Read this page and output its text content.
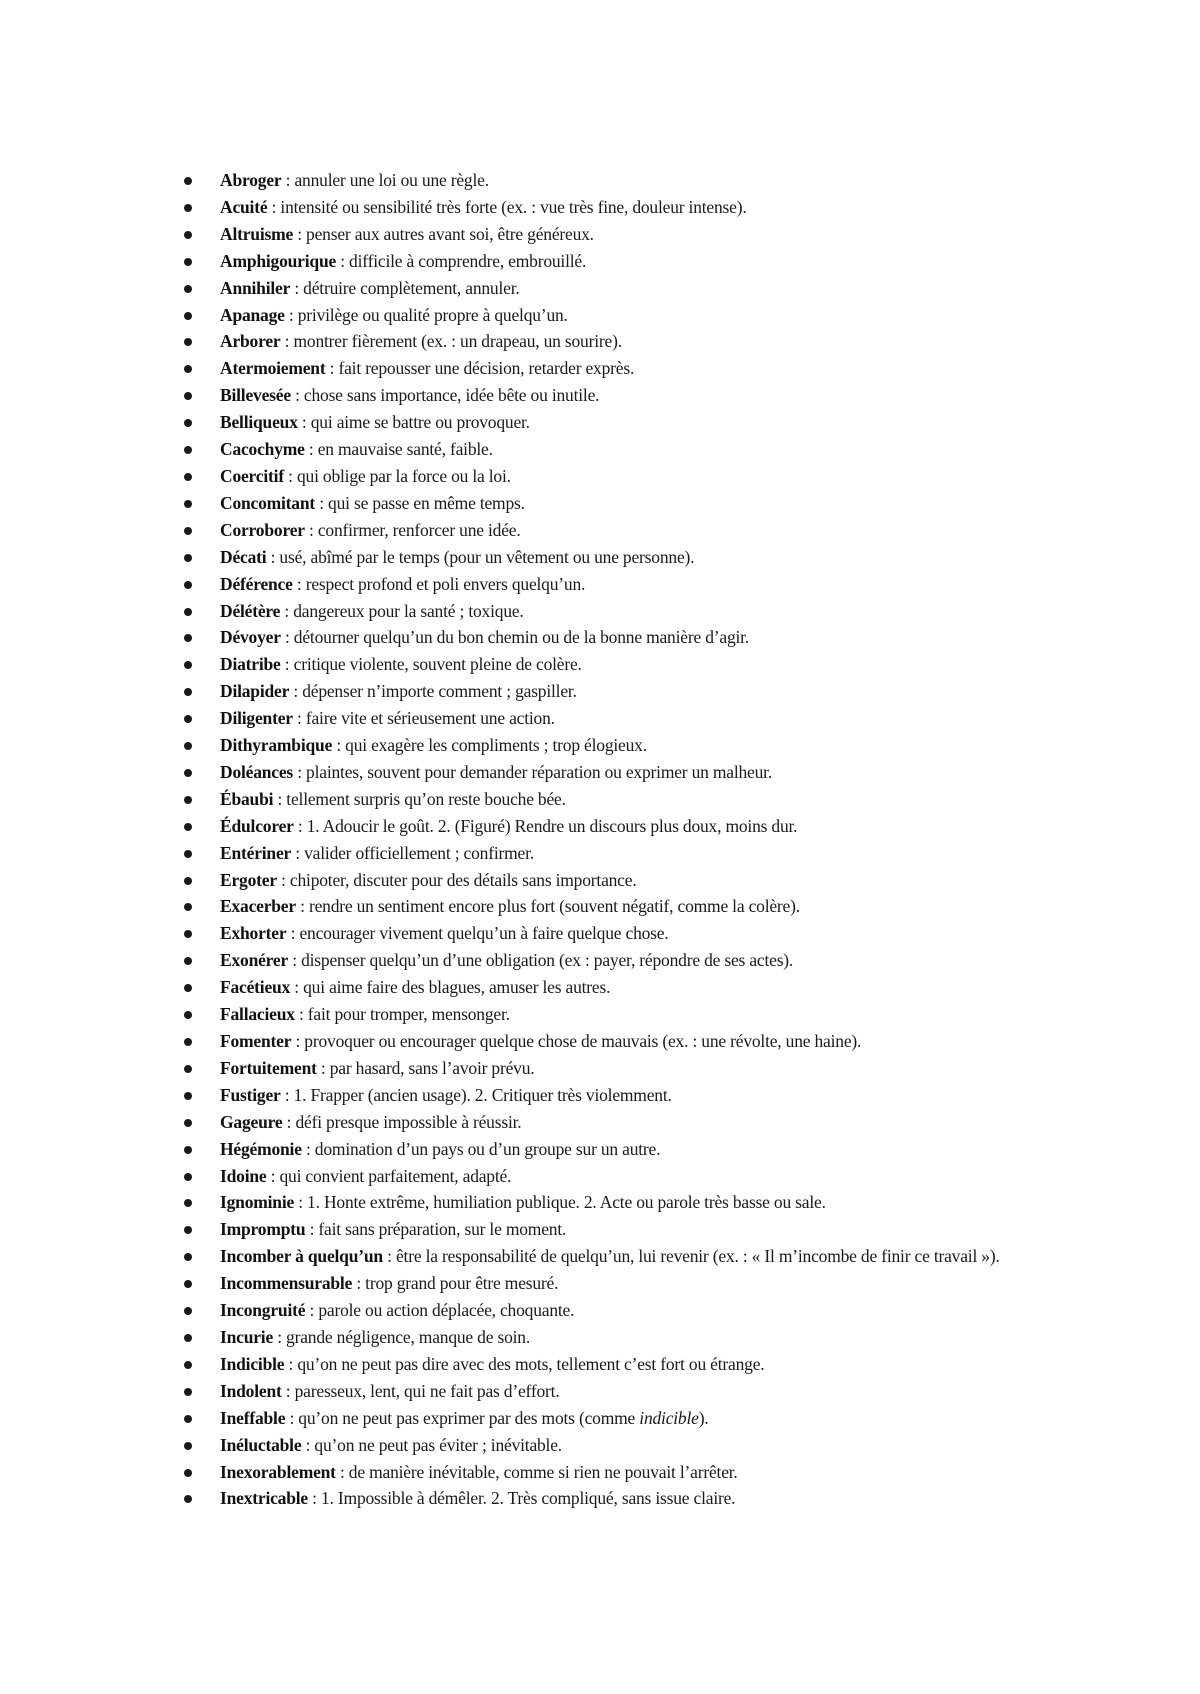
Abroger : annuler une loi ou une règle.
Acuité : intensité ou sensibilité très forte (ex. : vue très fine, douleur intense).
Altruisme : penser aux autres avant soi, être généreux.
Amphigourique : difficile à comprendre, embrouillé.
Annihiler : détruire complètement, annuler.
Apanage : privilège ou qualité propre à quelqu’un.
Arborer : montrer fièrement (ex. : un drapeau, un sourire).
Atermoiement : fait repousser une décision, retarder exprès.
Billevesée : chose sans importance, idée bête ou inutile.
Belliqueux : qui aime se battre ou provoquer.
Cacochyme : en mauvaise santé, faible.
Coercitif : qui oblige par la force ou la loi.
Concomitant : qui se passe en même temps.
Corroborer : confirmer, renforcer une idée.
Décati : usé, abîmé par le temps (pour un vêtement ou une personne).
Déférence : respect profond et poli envers quelqu’un.
Délétère : dangereux pour la santé ; toxique.
Dévoyer : détourner quelqu’un du bon chemin ou de la bonne manière d’agir.
Diatribe : critique violente, souvent pleine de colère.
Dilapider : dépenser n’importe comment ; gaspiller.
Diligenter : faire vite et sérieusement une action.
Dithyrambique : qui exagère les compliments ; trop élogieux.
Doléances : plaintes, souvent pour demander réparation ou exprimer un malheur.
Ébaubi : tellement surpris qu’on reste bouche bée.
Édulcorer : 1. Adoucir le goût. 2. (Figuré) Rendre un discours plus doux, moins dur.
Entériner : valider officiellement ; confirmer.
Ergoter : chipoter, discuter pour des détails sans importance.
Exacerber : rendre un sentiment encore plus fort (souvent négatif, comme la colère).
Exhorter : encourager vivement quelqu’un à faire quelque chose.
Exonérer : dispenser quelqu’un d’une obligation (ex : payer, répondre de ses actes).
Facétieux : qui aime faire des blagues, amuser les autres.
Fallacieux : fait pour tromper, mensonger.
Fomenter : provoquer ou encourager quelque chose de mauvais (ex. : une révolte, une haine).
Fortuitement : par hasard, sans l’avoir prévu.
Fustiger : 1. Frapper (ancien usage). 2. Critiquer très violemment.
Gageure : défi presque impossible à réussir.
Hégémonie : domination d’un pays ou d’un groupe sur un autre.
Idoine : qui convient parfaitement, adapté.
Ignominie : 1. Honte extrême, humiliation publique. 2. Acte ou parole très basse ou sale.
Impromptu : fait sans préparation, sur le moment.
Incomber à quelqu’un : être la responsabilité de quelqu’un, lui revenir (ex. : « Il m’incombe de finir ce travail »).
Incommensurable : trop grand pour être mesuré.
Incongruité : parole ou action déplacée, choquante.
Incurie : grande négligence, manque de soin.
Indicible : qu’on ne peut pas dire avec des mots, tellement c’est fort ou étrange.
Indolent : paresseux, lent, qui ne fait pas d’effort.
Ineffable : qu’on ne peut pas exprimer par des mots (comme indicible).
Inéluctable : qu’on ne peut pas éviter ; inévitable.
Inexorablement : de manière inévitable, comme si rien ne pouvait l’arrêter.
Inextricable : 1. Impossible à démêler. 2. Très compliqué, sans issue claire.
